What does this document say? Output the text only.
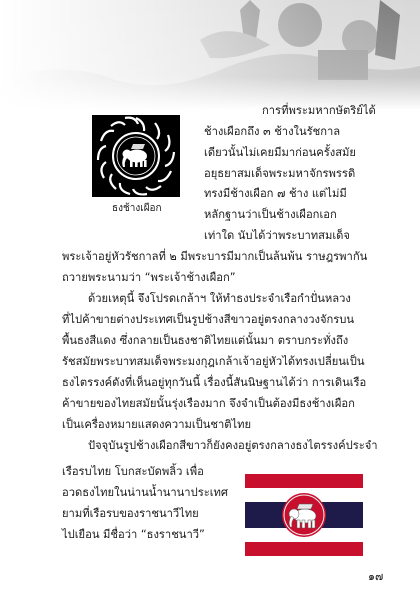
ธงช้างเผือก
การที่พระมหากษัตริย์ได้
ช้างเผือกถึง ๓ ช้างในรัชกาล
เดียวนั้นไม่เคยมีมาก่อนครั้งสมัย
อยุธยาสมเด็จพระมหาจักรพรรดิ
ทรงมีช้างเผือก ๗ ช้าง แต่ไม่มี
หลักฐานว่าเป็นช้างเผือกเอก
เท่าใด นับได้ว่าพระบาทสมเด็จ
พระเจ้าอยู่หัวรัชกาลที่ ๒ มีพระบารมีมากเป็นล้นพ้น ราษฎรพากัน
ถวายพระนามว่า “พระเจ้าช้างเผือก”
ด้วยเหตุนี้ จึงโปรดเกล้าฯ ให้ทำธงประจำเรือกำปั่นหลวง
ที่ไปค้าขายต่างประเทศเป็นรูปช้างสีขาวอยู่ตรงกลางวงจักรบน
พื้นธงสีแดง ซึ่งกลายเป็นธงชาติไทยแต่นั้นมา ตราบกระทั่งถึง
รัชสมัยพระบาทสมเด็จพระมงกุฎเกล้าเจ้าอยู่หัวได้ทรงเปลี่ยนเป็น
ธงไตรรงค์ดังที่เห็นอยู่ทุกวันนี้ เรื่องนี้สันนิษฐานได้ว่า การเดินเรือ
ค้าขายของไทยสมัยนั้นรุ่งเรืองมาก จึงจำเป็นต้องมีธงช้างเผือก
เป็นเครื่องหมายแสดงความเป็นชาติไทย
ปัจจุบันรูปช้างเผือกสีขาวก็ยังคงอยู่ตรงกลางธงไตรรงค์ประจำ
เรือรบไทย โบกสะบัดพลิ้ว เพื่อ
อวดธงไทยในน่านน้ำนานาประเทศ
ยามที่เรือรบของราชนาวีไทย
ไปเยือน มีชื่อว่า “ธงราชนาวี”
๑๗
